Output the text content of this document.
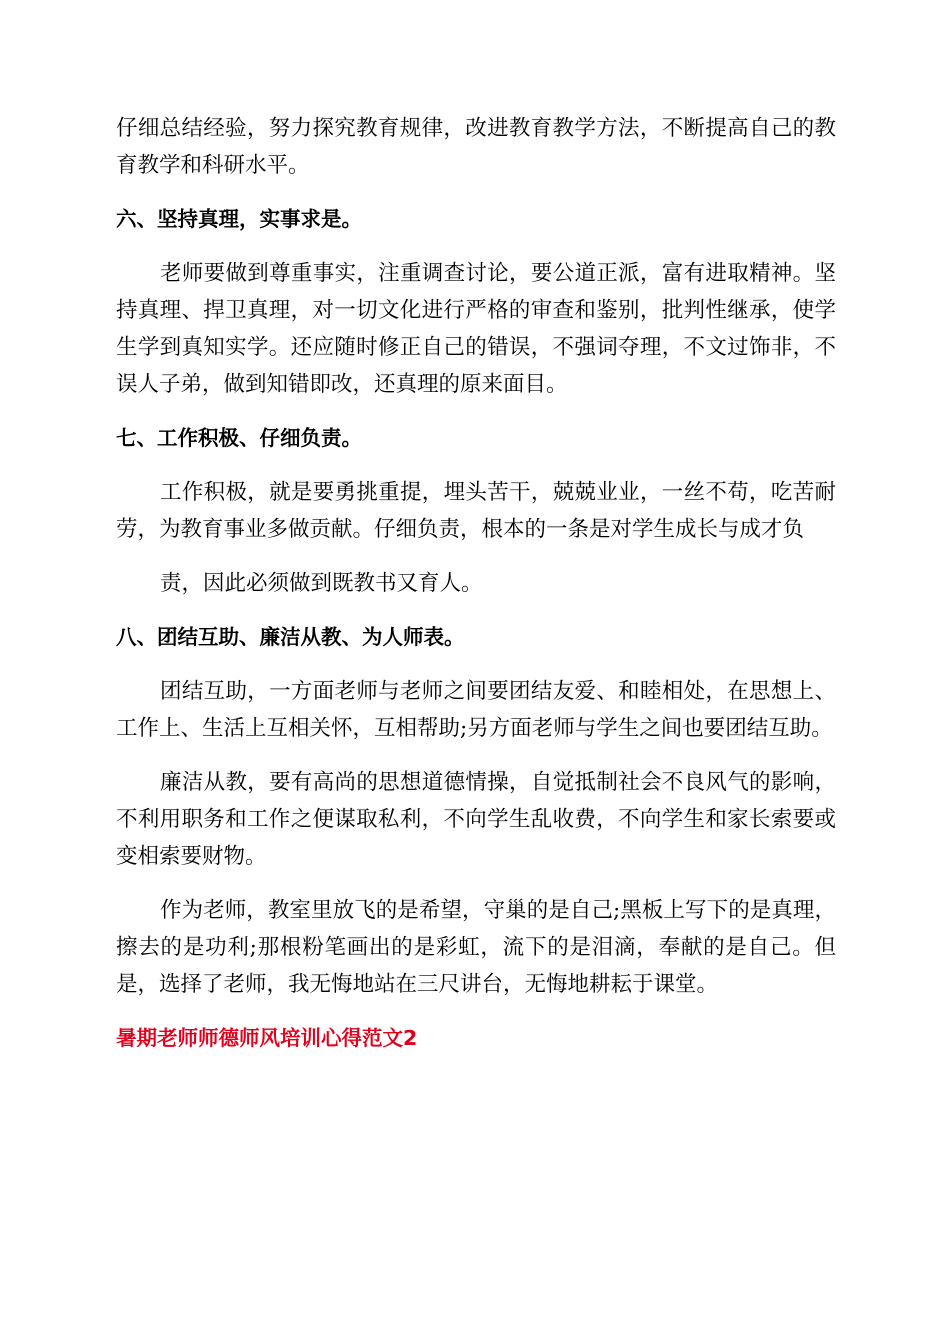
仔细总结经验，努力探究教育规律，改进教育教学方法，不断提高自己的教育教学和科研水平。

六、坚持真理，实事求是。

老师要做到尊重事实，注重调查讨论，要公道正派，富有进取精神。坚持真理、捍卫真理，对一切文化进行严格的审查和鉴别，批判性继承，使学生学到真知实学。还应随时修正自己的错误，不强词夺理，不文过饰非，不误人子弟，做到知错即改，还真理的原来面目。

七、工作积极、仔细负责。

工作积极，就是要勇挑重提，埋头苦干，兢兢业业，一丝不苟，吃苦耐劳，为教育事业多做贡献。仔细负责，根本的一条是对学生成长与成才负

责，因此必须做到既教书又育人。

八、团结互助、廉洁从教、为人师表。

团结互助，一方面老师与老师之间要团结友爱、和睦相处，在思想上、工作上、生活上互相关怀，互相帮助;另方面老师与学生之间也要团结互助。

廉洁从教，要有高尚的思想道德情操，自觉抵制社会不良风气的影响，不利用职务和工作之便谋取私利，不向学生乱收费，不向学生和家长索要或变相索要财物。

作为老师，教室里放飞的是希望，守巢的是自己;黑板上写下的是真理，擦去的是功利;那根粉笔画出的是彩虹，流下的是泪滴，奉献的是自己。但是，选择了老师，我无悔地站在三尺讲台，无悔地耕耘于课堂。

暑期老师师德师风培训心得范文2
